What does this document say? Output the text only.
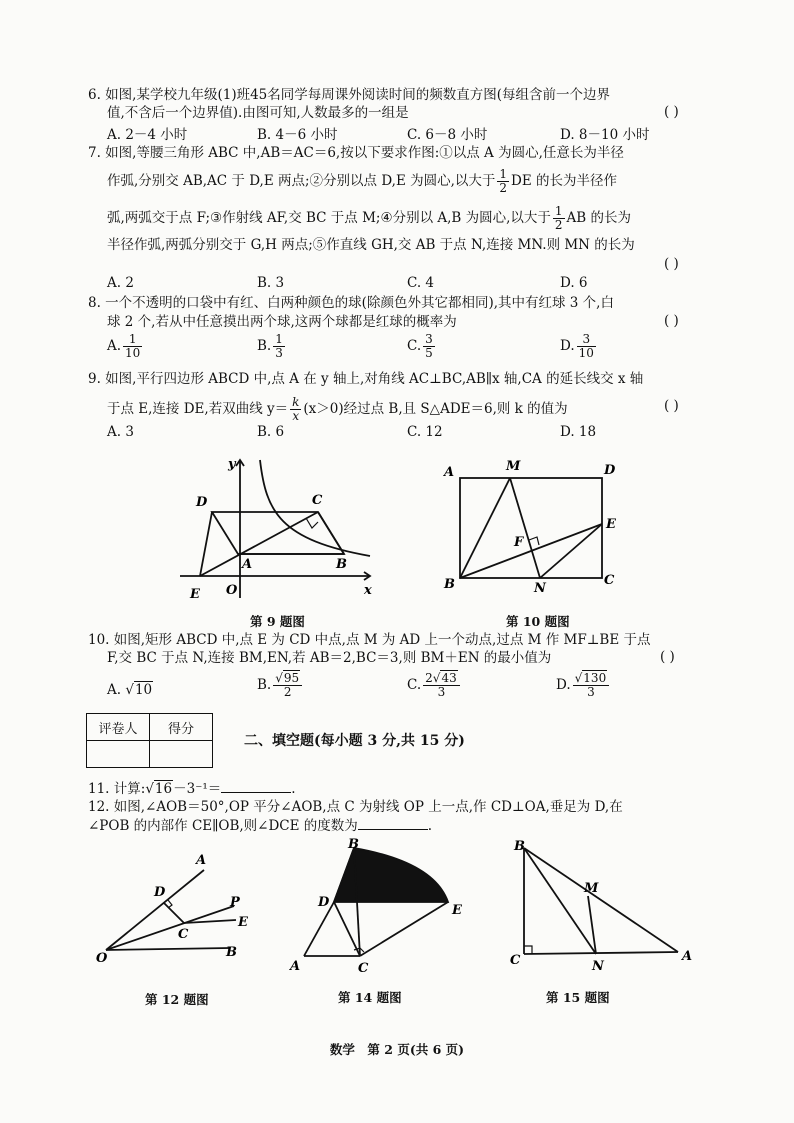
6. 如图,某学校九年级(1)班45名同学每周课外阅读时间的频数直方图(每组含前一个边界
值,不含后一个边界值).由图可知,人数最多的一组是	( )
A. 2－4 小时	B. 4－6 小时	C. 6－8 小时	D. 8－10 小时
7. 如图,等腰三角形 ABC 中,AB＝AC＝6,按以下要求作图:①以点 A 为圆心,任意长为半径
作弧,分别交 AB,AC 于 D,E 两点;②分别以点 D,E 为圆心,以大于 $\frac{1}{2}$ DE 的长为半径作
弧,两弧交于点 F;③作射线 AF,交 BC 于点 M;④分别以 A,B 为圆心,以大于 $\frac{1}{2}$ AB 的长为
半径作弧,两弧分别交于 G,H 两点;⑤作直线 GH,交 AB 于点 N,连接 MN.则 MN 的长为
( )
A. 2	B. 3	C. 4	D. 6
8. 一个不透明的口袋中有红、白两种颜色的球(除颜色外其它都相同),其中有红球 3 个,白
球 2 个,若从中任意摸出两个球,这两个球都是红球的概率为	( )
A. $\frac{1}{10}$	B. $\frac{1}{3}$	C. $\frac{3}{5}$	D. $\frac{3}{10}$
9. 如图,平行四边形 ABCD 中,点 A 在 y 轴上,对角线 AC⊥BC,AB∥x 轴,CA 的延长线交 x 轴
于点 E,连接 DE,若双曲线 $y= \frac{k}{x} (x>0)$经过点 B,且 S△ADE＝6,则 k 的值为	( )
A. 3	B. 6	C. 12	D. 18
y
x
O
A	B
C
D
E
第 9 题图
A	M	D
E
F
B	N
C
第 10 题图
10. 如图,矩形 ABCD 中,点 E 为 CD 中点,点 M 为 AD 上一个动点,过点 M 作 MF⊥BE 于点
F,交 BC 于点 N,连接 BM,EN,若 AB＝2,BC＝3,则 BM＋EN 的最小值为	( )
A. √10	B. $\frac{√95}{2}$	C. $\frac{2√43}{3}$	D. $\frac{√130}{3}$
评卷人	得分

二、填空题(每小题 3 分,共 15 分)
11. 计算:√16－3⁻¹＝	.
12. 如图,∠AOB＝50°,OP 平分∠AOB,点 C 为射线 OP 上一点,作 CD⊥OA,垂足为 D,在
∠POB 的内部作 CE∥OB,则∠DCE 的度数为	.
A
D
P
E
C
O	B
第 12 题图
B
D
E
A	C
第 14 题图
B
M
C	N
A
第 15 题图
数学　第 2 页(共 6 页)
